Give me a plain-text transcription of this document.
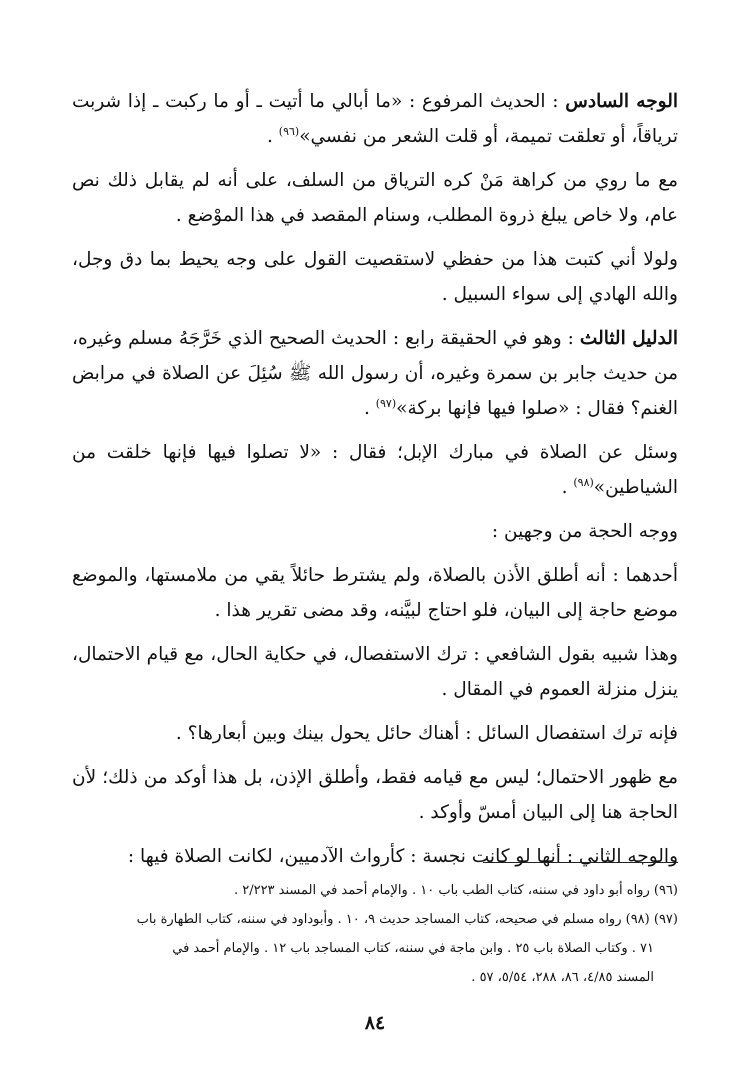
الوجه السادس : الحديث المرفوع : «ما أبالي ما أتيت ـ أو ما ركبت ـ إذا شربت ترياقاً، أو تعلقت تميمة، أو قلت الشعر من نفسي»$^{(٩٦)}$ .

مع ما روي من كراهة مَنْ كره الترياق من السلف، على أنه لم يقابل ذلك نص عام، ولا خاص يبلغ ذروة المطلب، وسنام المقصد في هذا الموْضع .

ولولا أني كتبت هذا من حفظي لاستقصيت القول على وجه يحيط بما دق وجل، والله الهادي إلى سواء السبيل .

الدليل الثالث : وهو في الحقيقة رابع : الحديث الصحيح الذي خَرَّجَهُ مسلم وغيره، من حديث جابر بن سمرة وغيره، أن رسول الله ﷺ سُئِلَ عن الصلاة في مرابض الغنم؟ فقال : «صلوا فيها فإنها بركة»$^{(٩٧)}$ .

وسئل عن الصلاة في مبارك الإبل؛ فقال : «لا تصلوا فيها فإنها خلقت من الشياطين»$^{(٩٨)}$ .

ووجه الحجة من وجهين :

أحدهما : أنه أطلق الأذن بالصلاة، ولم يشترط حائلاً يقي من ملامستها، والموضع موضع حاجة إلى البيان، فلو احتاج لبيَّنه، وقد مضى تقرير هذا .

وهذا شبيه بقول الشافعي : ترك الاستفصال، في حكاية الحال، مع قيام الاحتمال، ينزل منزلة العموم في المقال .

فإنه ترك استفصال السائل : أهناك حائل يحول بينك وبين أبعارها؟ .

مع ظهور الاحتمال؛ ليس مع قيامه فقط، وأطلق الإذن، بل هذا أوكد من ذلك؛ لأن الحاجة هنا إلى البيان أمسّ وأوكد .

والوجه الثاني : أنها لو كانت نجسة : كأرواث الآدميين، لكانت الصلاة فيها :

(٩٦) رواه أبو داود في سننه، كتاب الطب باب ١٠ . والإمام أحمد في المسند ٢/٢٢٣ .

(٩٧) (٩٨) رواه مسلم في صحيحه، كتاب المساجد حديث ٩، ١٠ . وأبوداود في سننه، كتاب الطهارة باب

٧١ . وكتاب الصلاة باب ٢٥ . وابن ماجة في سننه، كتاب المساجد باب ١٢ . والإمام أحمد في

المسند ٤/٨٥، ٨٦، ٢٨٨، ٥/٥٤، ٥٧ .

٨٤
